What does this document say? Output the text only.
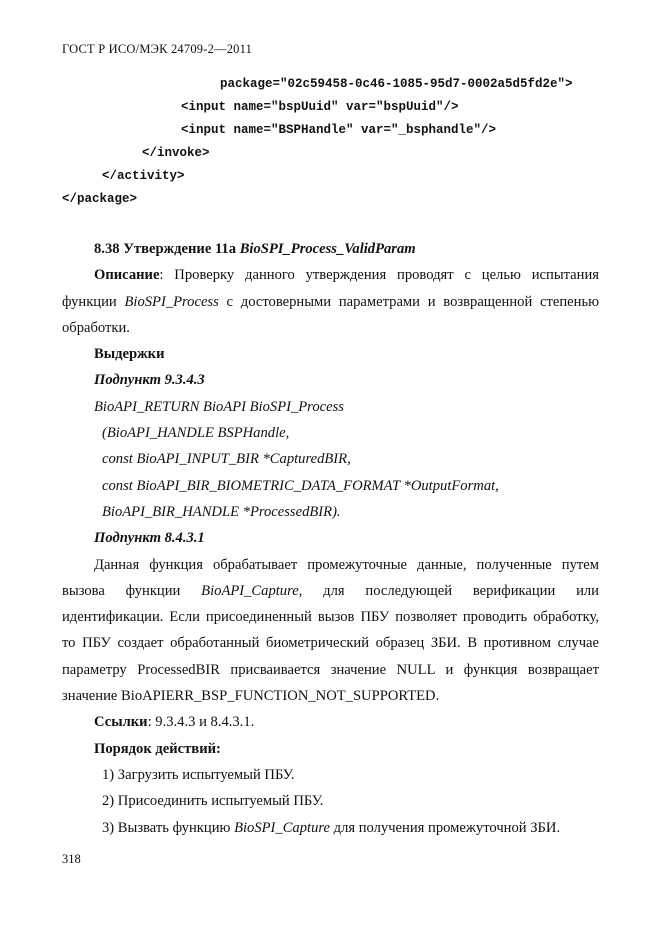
ГОСТ Р ИСО/МЭК 24709-2—2011
package="02c59458-0c46-1085-95d7-0002a5d5fd2e">
<input name="bspUuid" var="bspUuid"/>
<input name="BSPHandle" var="_bsphandle"/>
</invoke>
</activity>
</package>

8.38 Утверждение 11a BioSPI_Process_ValidParam

Описание: Проверку данного утверждения проводят с целью испытания функции BioSPI_Process с достоверными параметрами и возвращенной степенью обработки.

Выдержки

Подпункт 9.3.4.3

BioAPI_RETURN BioAPI BioSPI_Process

(BioAPI_HANDLE BSPHandle,

const BioAPI_INPUT_BIR *CapturedBIR,

const BioAPI_BIR_BIOMETRIC_DATA_FORMAT *OutputFormat,

BioAPI_BIR_HANDLE *ProcessedBIR).

Подпункт 8.4.3.1

Данная функция обрабатывает промежуточные данные, полученные путем вызова функции BioAPI_Capture, для последующей верификации или идентификации. Если присоединенный вызов ПБУ позволяет проводить обработку, то ПБУ создает обработанный биометрический образец ЗБИ. В противном случае параметру ProcessedBIR присваивается значение NULL и функция возвращает значение BioAPIERR_BSP_FUNCTION_NOT_SUPPORTED.

Ссылки: 9.3.4.3 и 8.4.3.1.

Порядок действий:

1) Загрузить испытуемый ПБУ.

2) Присоединить испытуемый ПБУ.

3) Вызвать функцию BioSPI_Capture для получения промежуточной ЗБИ.

318
